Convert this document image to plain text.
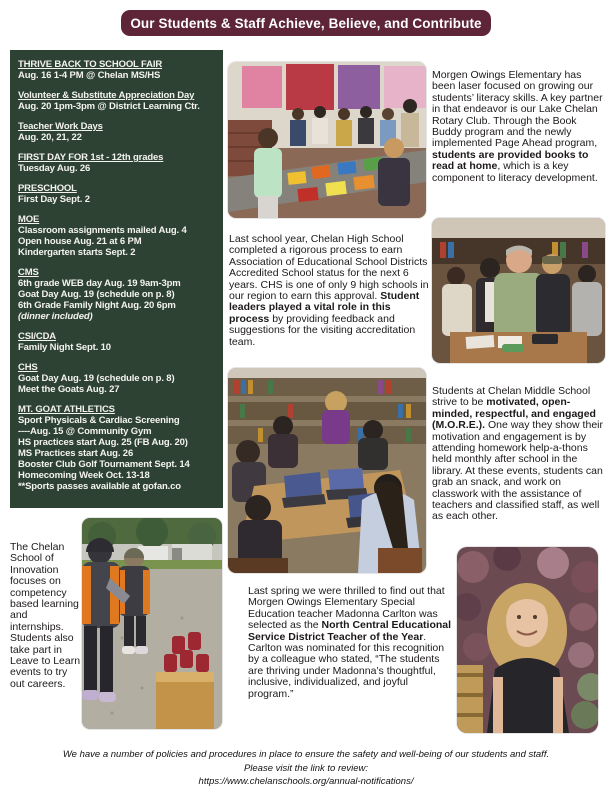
Our Students & Staff Achieve, Believe, and Contribute
THRIVE BACK TO SCHOOL FAIR
Aug. 16 1-4 PM @ Chelan MS/HS
Volunteer & Substitute Appreciation Day
Aug. 20 1pm-3pm @ District Learning Ctr.
Teacher Work Days
Aug. 20, 21, 22
FIRST DAY FOR 1st - 12th grades
Tuesday Aug. 26
PRESCHOOL
First Day Sept. 2
MOE
Classroom assignments mailed Aug. 4
Open house Aug. 21 at 6 PM
Kindergarten starts Sept. 2
CMS
6th grade WEB day Aug. 19 9am-3pm
Goat Day Aug. 19 (schedule on p. 8)
6th Grade Family Night Aug. 20 6pm
(dinner included)
CSI/CDA
Family Night Sept. 10
CHS
Goat Day Aug. 19 (schedule on p. 8)
Meet the Goats Aug. 27
MT. GOAT ATHLETICS
Sport Physicals & Cardiac Screening
----Aug. 15 @ Community Gym
HS practices start Aug. 25 (FB Aug. 20)
MS Practices start Aug. 26
Booster Club Golf Tournament Sept. 14
Homecoming Week Oct. 13-18
**Sports passes available at gofan.co
Morgen Owings Elementary has been laser focused on growing our students’ literacy skills. A key partner in that endeavor is our Lake Chelan Rotary Club. Through the Book Buddy program and the newly implemented Page Ahead program, students are provided books to read at home, which is a key component to literacy development.
Last school year, Chelan High School completed a rigorous process to earn Association of Educational School Districts Accredited School status for the next 6 years. CHS is one of only 9 high schools in our region to earn this approval. Student leaders played a vital role in this process by providing feedback and suggestions for the visiting accreditation team.
Students at Chelan Middle School strive to be motivated, open-minded, respectful, and engaged (M.O.R.E.). One way they show their motivation and engagement is by attending homework help-a-thons held monthly after school in the library. At these events, students can grab an snack, and work on classwork with the assistance of teachers and classified staff, as well as each other.
The Chelan School of Innovation focuses on competency based learning and internships. Students also take part in Leave to Learn events to try out careers.
Last spring we were thrilled to find out that Morgen Owings Elementary Special Education teacher Madonna Carlton was selected as the North Central Educational Service District Teacher of the Year. Carlton was nominated for this recognition by a colleague who stated, “The students are thriving under Madonna’s thoughtful, inclusive, individualized, and joyful program.”
We have a number of policies and procedures in place to ensure the safety and well-being of our students and staff.
Please visit the link to review:
https://www.chelanschools.org/annual-notifications/
